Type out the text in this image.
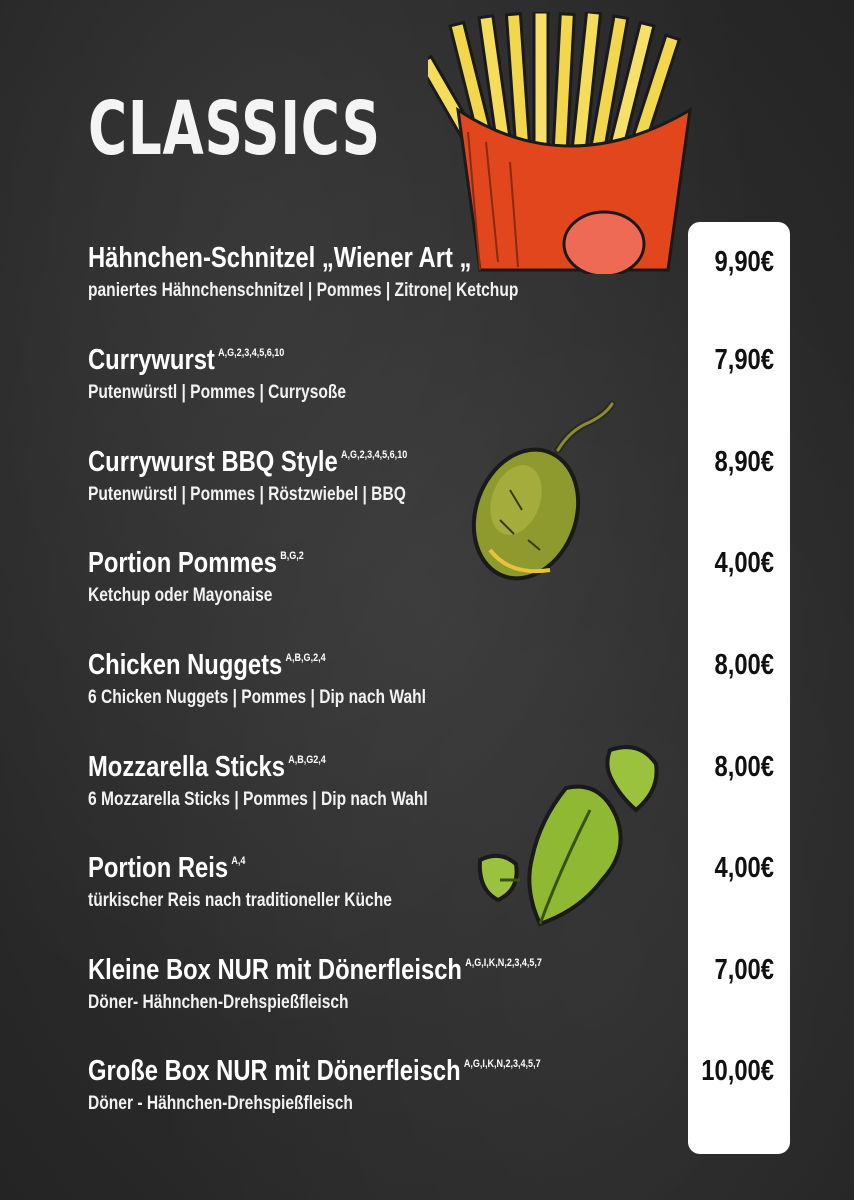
CLASSICS
Hähnchen-Schnitzel „Wiener Art „
paniertes Hähnchenschnitzel | Pommes | Zitrone| Ketchup
9,90€
Currywurst $^{A,G,2,3,4,5,6,10}$
Putenwürstl | Pommes | Currysoße
7,90€
Currywurst BBQ Style $^{A,G,2,3,4,5,6,10}$
Putenwürstl | Pommes | Röstzwiebel | BBQ
8,90€
Portion Pommes $^{B,G,2}$
Ketchup oder Mayonaise
4,00€
Chicken Nuggets $^{A,B,G,2,4}$
6 Chicken Nuggets | Pommes | Dip nach Wahl
8,00€
Mozzarella Sticks $^{A,B,G2,4}$
6 Mozzarella Sticks | Pommes | Dip nach Wahl
8,00€
Portion Reis $^{A,4}$
türkischer Reis nach traditioneller Küche
4,00€
Kleine Box NUR mit Dönerfleisch $^{A,G,I,K,N,2,3,4,5,7}$
Döner- Hähnchen-Drehspießfleisch
7,00€
Große Box NUR mit Dönerfleisch $^{A,G,I,K,N,2,3,4,5,7}$
Döner - Hähnchen-Drehspießfleisch
10,00€
